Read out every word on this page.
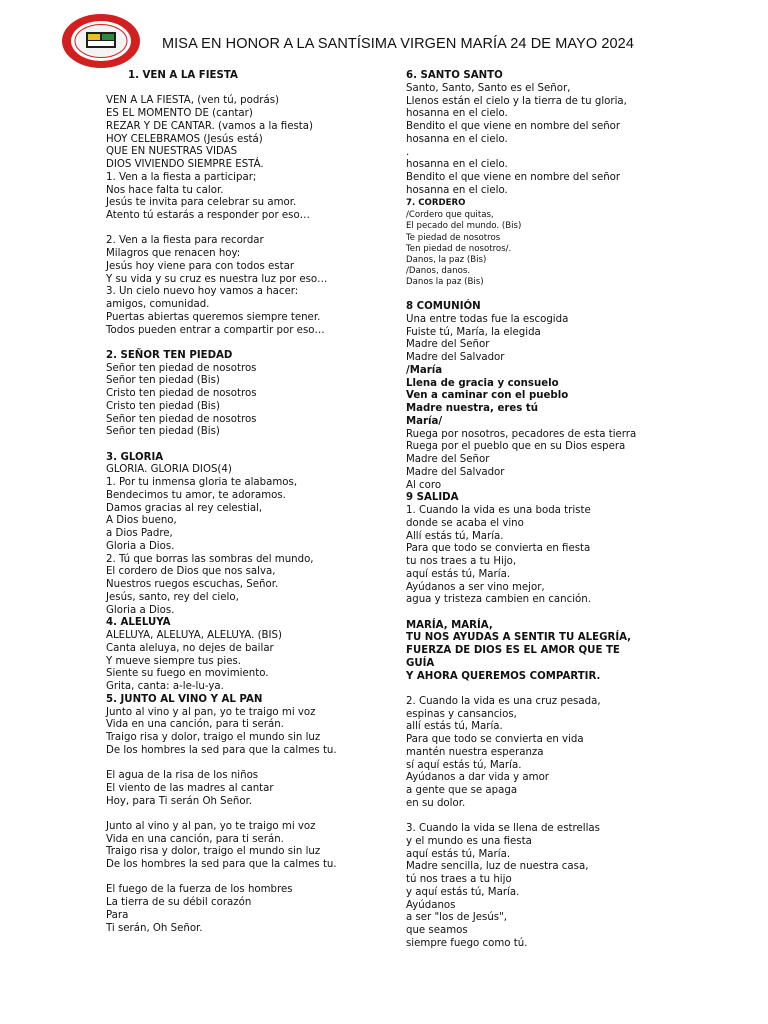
MISA EN HONOR A LA SANTÍSIMA VIRGEN MARÍA 24 DE MAYO 2024
1. VEN A LA FIESTA
VEN A LA FIESTA, (ven tú, podrás)
ES EL MOMENTO DE (cantar)
REZAR Y DE CANTAR. (vamos a la fiesta)
HOY CELEBRAMOS (Jesús está)
QUE EN NUESTRAS VIDAS
DIOS VIVIENDO SIEMPRE ESTÁ.
1. Ven a la fiesta a participar;
Nos hace falta tu calor.
Jesús te invita para celebrar su amor.
Atento tú estarás a responder por eso…
2. Ven a la fiesta para recordar
Milagros que renacen hoy:
Jesús hoy viene para con todos estar
Y su vida y su cruz es nuestra luz por eso…
3. Un cielo nuevo hoy vamos a hacer:
amigos, comunidad.
Puertas abiertas queremos siempre tener.
Todos pueden entrar a compartir por eso…
2. SEÑOR TEN PIEDAD
Señor ten piedad de nosotros
Señor ten piedad (Bis)
Cristo ten piedad de nosotros
Cristo ten piedad (Bis)
Señor ten piedad de nosotros
Señor ten piedad (Bis)
3. GLORIA
GLORIA. GLORIA DIOS(4)
1. Por tu inmensa gloria te alabamos,
Bendecimos tu amor, te adoramos.
Damos gracias al rey celestial,
A Dios bueno,
a Dios Padre,
Gloria a Dios.
2. Tú que borras las sombras del mundo,
El cordero de Dios que nos salva,
Nuestros ruegos escuchas, Señor.
Jesús, santo, rey del cielo,
Gloria a Dios.
4. ALELUYA
ALELUYA, ALELUYA, ALELUYA. (BIS)
Canta aleluya, no dejes de bailar
Y mueve siempre tus pies.
Siente su fuego en movimiento.
Grita, canta: a-le-lu-ya.
5. JUNTO AL VINO Y AL PAN
Junto al vino y al pan, yo te traigo mi voz
Vida en una canción, para ti serán.
Traigo risa y dolor, traigo el mundo sin luz
De los hombres la sed para que la calmes tu.
El agua de la risa de los niños
El viento de las madres al cantar
Hoy, para Ti serán Oh Señor.
Junto al vino y al pan, yo te traigo mi voz
Vida en una canción, para ti serán.
Traigo risa y dolor, traigo el mundo sin luz
De los hombres la sed para que la calmes tu.
El fuego de la fuerza de los hombres
La tierra de su débil corazón
Para
Ti serán, Oh Señor.
6. SANTO SANTO
Santo, Santo, Santo es el Señor,
Llenos están el cielo y la tierra de tu gloria,
hosanna en el cielo.
Bendito el que viene en nombre del señor
hosanna en el cielo.
.
hosanna en el cielo.
Bendito el que viene en nombre del señor
hosanna en el cielo.
7. CORDERO
/Cordero que quitas,
El pecado del mundo. (Bis)
Te piedad de nosotros
Ten piedad de nosotros/.
Danos, la paz (Bis)
/Danos, danos.
Danos la paz (Bis)
8 COMUNIÓN
Una entre todas fue la escogida
Fuiste tú, María, la elegida
Madre del Señor
Madre del Salvador
/María
Llena de gracia y consuelo
Ven a caminar con el pueblo
Madre nuestra, eres tú
María/
Ruega por nosotros, pecadores de esta tierra
Ruega por el pueblo que en su Dios espera
Madre del Señor
Madre del Salvador
Al coro
9 SALIDA
1. Cuando la vida es una boda triste
donde se acaba el vino
Allí estás tú, María.
Para que todo se convierta en fiesta
tu nos traes a tu Hijo,
aquí estás tú, María.
Ayúdanos a ser vino mejor,
agua y tristeza cambien en canción.
MARÍA, MARÍA,
TU NOS AYUDAS A SENTIR TU ALEGRÍA,
FUERZA DE DIOS ES EL AMOR QUE TE
GUÍA
Y AHORA QUEREMOS COMPARTIR.
2. Cuando la vida es una cruz pesada,
espinas y cansancios,
allí estás tú, María.
Para que todo se convierta en vida
mantén nuestra esperanza
sí aquí estás tú, María.
Ayúdanos a dar vida y amor
a gente que se apaga
en su dolor.
3. Cuando la vida se llena de estrellas
y el mundo es una fiesta
aquí estás tú, María.
Madre sencilla, luz de nuestra casa,
tú nos traes a tu hijo
y aquí estás tú, María.
Ayúdanos
a ser "los de Jesús",
que seamos
siempre fuego como tú.
